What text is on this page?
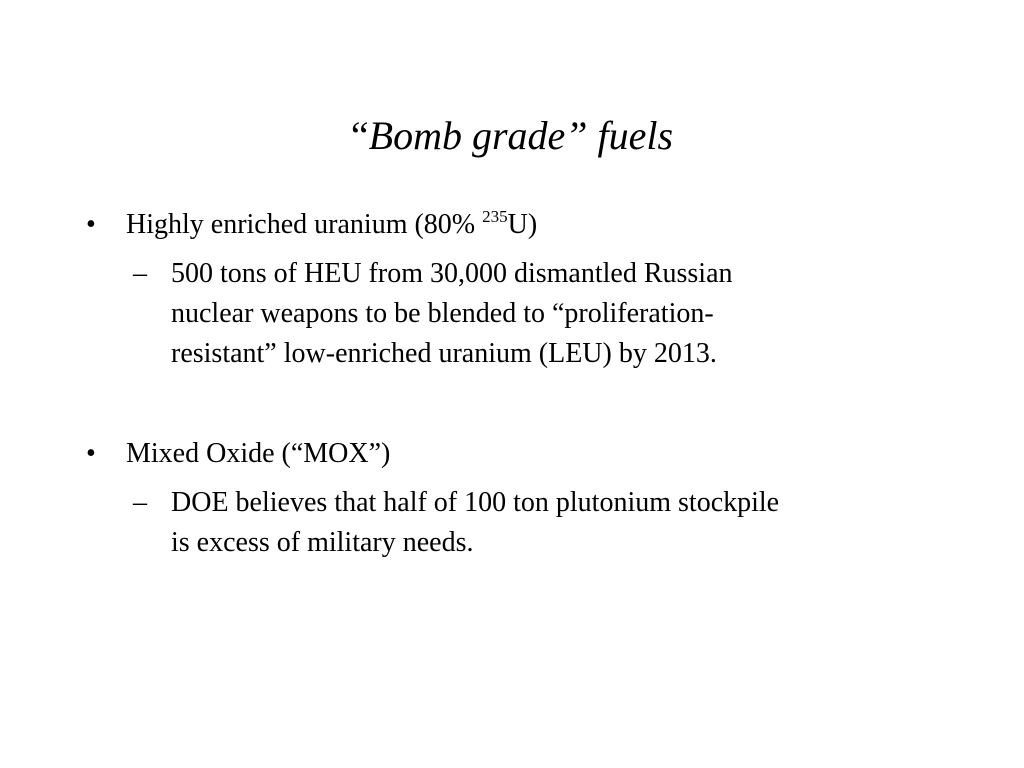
“Bomb grade” fuels
• Highly enriched uranium (80% $^{235}$U)
– 500 tons of HEU from 30,000 dismantled Russian
nuclear weapons to be blended to “proliferation-
resistant” low-enriched uranium (LEU) by 2013.
• Mixed Oxide (“MOX”)
– DOE believes that half of 100 ton plutonium stockpile
is excess of military needs.
